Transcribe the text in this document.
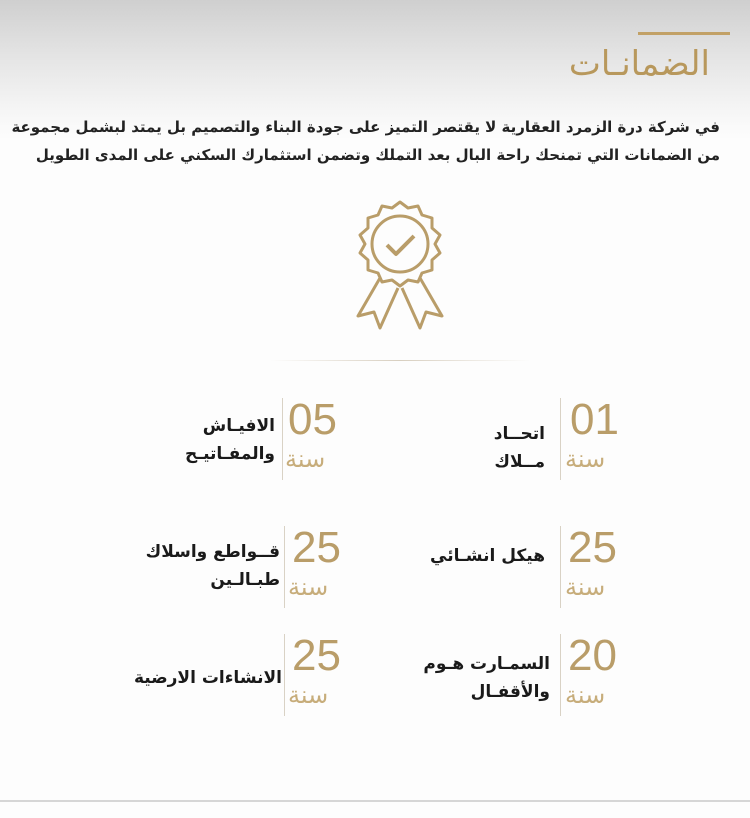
الضمانـات
في شركة درة الزمرد العقارية لا يقتصر التميز على جودة البناء والتصميم بل يمتد لبشمل مجموعة
من الضمانات التي تمنحك راحة البال بعد التملك وتضمن استثمارك السكني على المدى الطويل
01
سنة
اتحــاد
مــلاك
05
سنة
الافيـاش
والمفـاتيـح
25
سنة
هيكل انشـائي
25
سنة
قــواطع واسلاك
طبـالـين
20
سنة
السمـارت هـوم
والأقفـال
25
سنة
الانشاءات الارضية
